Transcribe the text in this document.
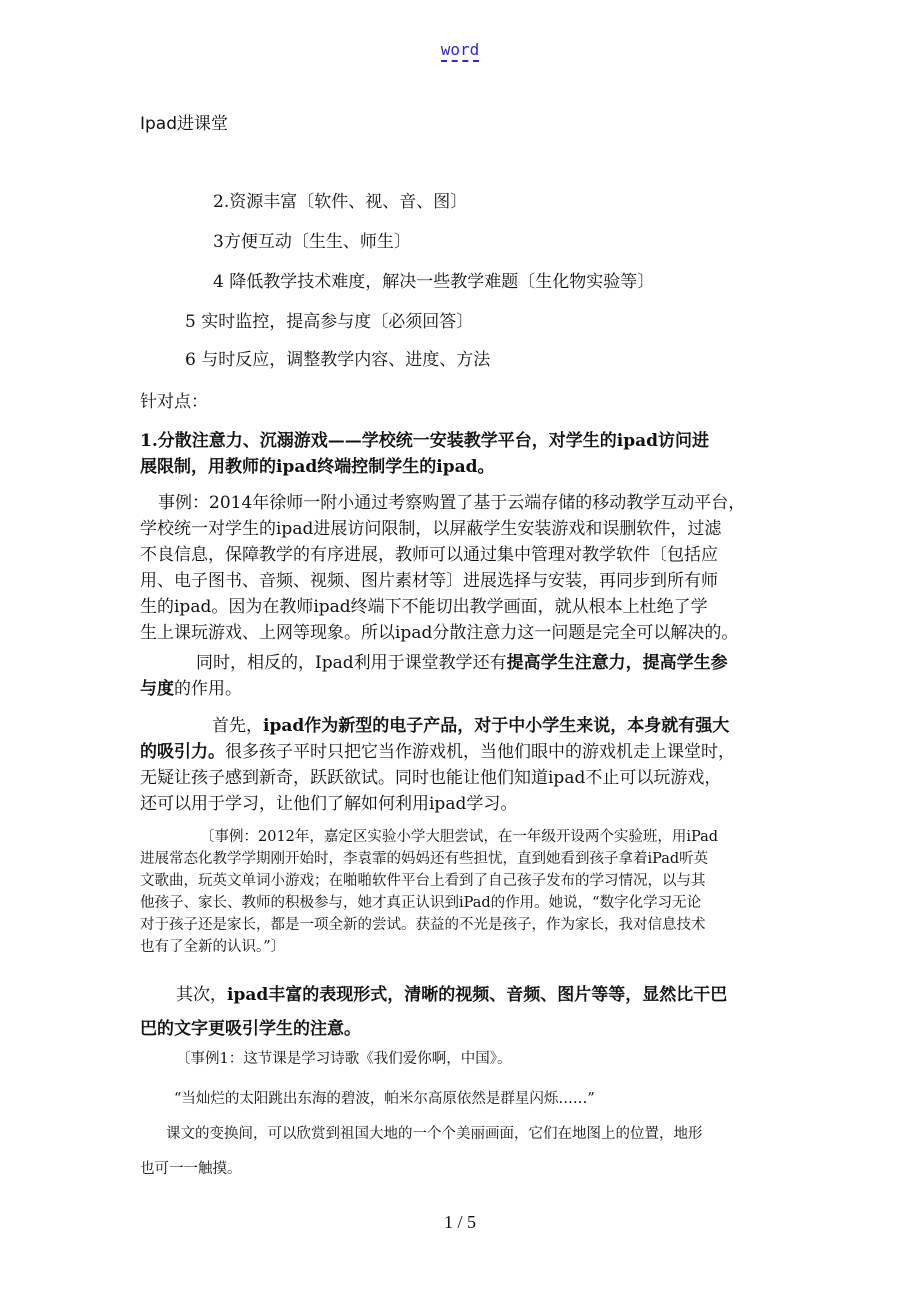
word
Ipad进课堂
2.资源丰富〔软件、视、音、图〕
3方便互动〔生生、师生〕
4 降低教学技术难度，解决一些教学难题〔生化物实验等〕
5 实时监控，提高参与度〔必须回答〕
6 与时反应，调整教学内容、进度、方法
针对点：

1.分散注意力、沉溺游戏——学校统一安装教学平台，对学生的ipad访问进

展限制，用教师的ipad终端控制学生的ipad。

事例：2014年徐师一附小通过考察购置了基于云端存储的移动教学互动平台，

学校统一对学生的ipad进展访问限制，以屏蔽学生安装游戏和误删软件，过滤

不良信息，保障教学的有序进展，教师可以通过集中管理对教学软件〔包括应

用、电子图书、音频、视频、图片素材等〕进展选择与安装，再同步到所有师

生的ipad。因为在教师ipad终端下不能切出教学画面，就从根本上杜绝了学

生上课玩游戏、上网等现象。所以ipad分散注意力这一问题是完全可以解决的。

同时，相反的，Ipad利用于课堂教学还有提高学生注意力，提高学生参

与度的作用。

首先，ipad作为新型的电子产品，对于中小学生来说，本身就有强大

的吸引力。很多孩子平时只把它当作游戏机，当他们眼中的游戏机走上课堂时，

无疑让孩子感到新奇，跃跃欲试。同时也能让他们知道ipad不止可以玩游戏，

还可以用于学习，让他们了解如何利用ipad学习。

〔事例：2012年，嘉定区实验小学大胆尝试，在一年级开设两个实验班，用iPad

进展常态化教学学期刚开始时，李袁霏的妈妈还有些担忧，直到她看到孩子拿着iPad听英

文歌曲，玩英文单词小游戏；在啪啪软件平台上看到了自己孩子发布的学习情况，以与其

他孩子、家长、教师的积极参与，她才真正认识到iPad的作用。她说，“数字化学习无论

对于孩子还是家长，都是一项全新的尝试。获益的不光是孩子，作为家长，我对信息技术

也有了全新的认识。”〕

其次，ipad丰富的表现形式，清晰的视频、音频、图片等等，显然比干巴

巴的文字更吸引学生的注意。

〔事例1：这节课是学习诗歌《我们爱你啊，中国》。
“当灿烂的太阳跳出东海的碧波，帕米尔高原依然是群星闪烁……”
课文的变换间，可以欣赏到祖国大地的一个个美丽画面，它们在地图上的位置，地形
也可一一触摸。
1 / 5
